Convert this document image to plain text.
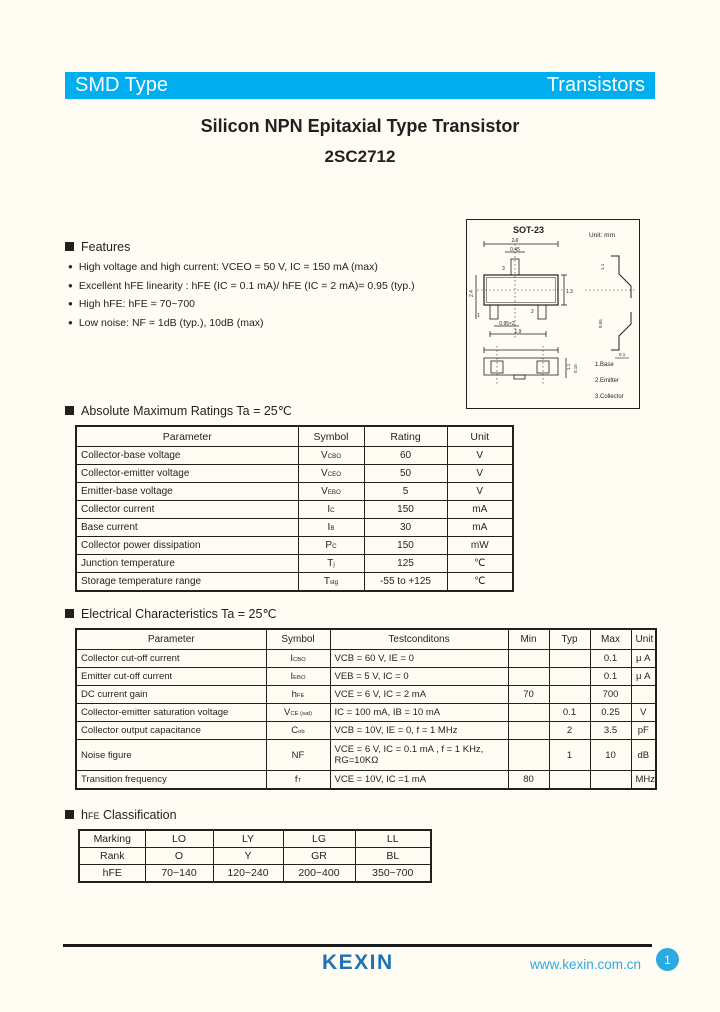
SMD Type	Transistors
Silicon NPN Epitaxial Type Transistor
2SC2712
Features
● High voltage and high current: VCEO = 50 V, IC = 150 mA (max)
● Excellent hFE linearity : hFE (IC = 0.1 mA)/ hFE (IC = 2 mA)= 0.95 (typ.)
● High hFE: hFE = 70~700
● Low noise: NF = 1dB (typ.), 10dB (max)
SOT-23
Unit: mm
2.9
0.45
3
1
2
1.3
2.4
0.95×2
1.9
1.1
0.55
0.1
1.1 0.15	1.Base
2.Emitter
3.Collector
Absolute Maximum Ratings Ta = 25℃
Parameter	Symbol	Rating	Unit
Collector-base voltage	VCBO	60	V
Collector-emitter voltage	VCEO	50	V
Emitter-base voltage	VEBO	5	V
Collector current	IC	150	mA
Base current	IB	30	mA
Collector power dissipation	PC	150	mW
Junction temperature	Tj	125	℃
Storage temperature range	Tstg	-55 to +125	℃
Electrical Characteristics Ta = 25℃
Parameter	Symbol	Testconditons	Min	Typ	Max	Unit
Collector cut-off current	ICBO	VCB = 60 V, IE = 0			0.1	μ A
Emitter cut-off current	IEBO	VEB = 5 V, IC = 0			0.1	μ A
DC current gain	hFE	VCE = 6 V, IC = 2 mA	70		700	
Collector-emitter saturation voltage	VCE (sat)	IC = 100 mA, IB = 10 mA		0.1	0.25	V
Collector output capacitance	Cob	VCB = 10V, IE = 0, f = 1 MHz		2	3.5	pF
Noise figure	NF	VCE = 6 V, IC = 0.1 mA , f = 1 KHz, RG=10KΩ		1	10	dB
Transition frequency	fT	VCE = 10V, IC =1 mA	80			MHz
hFE Classification
Marking	LO	LY	LG	LL
Rank	O	Y	GR	BL
hFE	70~140	120~240	200~400	350~700
KEXIN	www.kexin.com.cn 1
